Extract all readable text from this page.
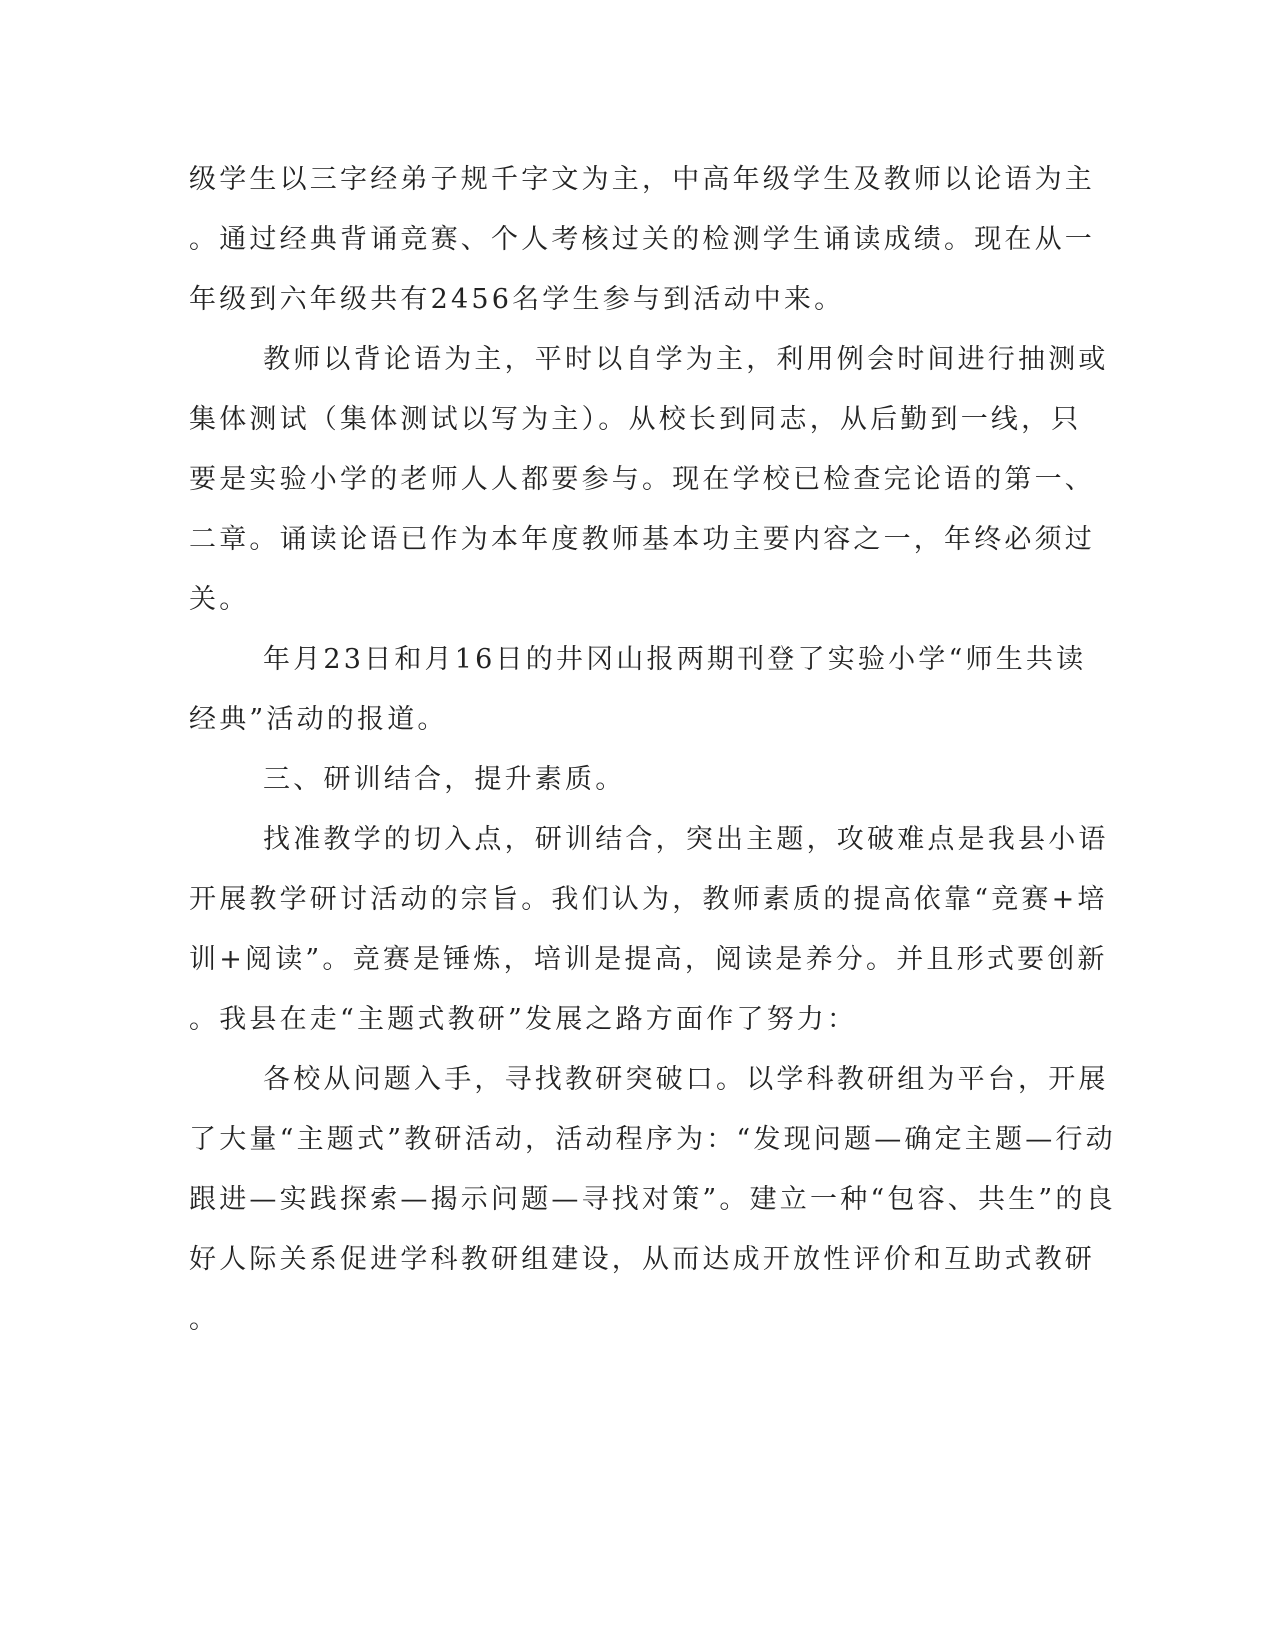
级学生以三字经弟子规千字文为主，中高年级学生及教师以论语为主
。通过经典背诵竞赛、个人考核过关的检测学生诵读成绩。现在从一
年级到六年级共有2456名学生参与到活动中来。
教师以背论语为主，平时以自学为主，利用例会时间进行抽测或
集体测试（集体测试以写为主）。从校长到同志，从后勤到一线，只
要是实验小学的老师人人都要参与。现在学校已检查完论语的第一、
二章。诵读论语已作为本年度教师基本功主要内容之一，年终必须过
关。
年月23日和月16日的井冈山报两期刊登了实验小学“师生共读
经典”活动的报道。
三、研训结合，提升素质。
找准教学的切入点，研训结合，突出主题，攻破难点是我县小语
开展教学研讨活动的宗旨。我们认为，教师素质的提高依靠“竞赛+培
训+阅读”。竞赛是锤炼，培训是提高，阅读是养分。并且形式要创新
。我县在走“主题式教研”发展之路方面作了努力：
各校从问题入手，寻找教研突破口。以学科教研组为平台，开展
了大量“主题式”教研活动，活动程序为：“发现问题—确定主题—行动
跟进—实践探索—揭示问题—寻找对策”。建立一种“包容、共生”的良
好人际关系促进学科教研组建设，从而达成开放性评价和互助式教研
。
